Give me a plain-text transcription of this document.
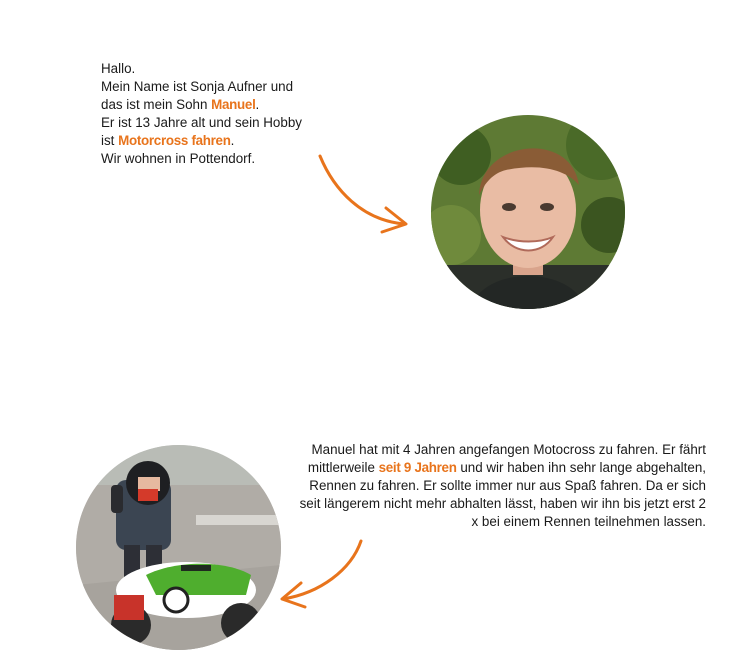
Hallo.

Mein Name ist Sonja Aufner und

das ist mein Sohn Manuel.

Er ist 13 Jahre alt und sein Hobby

ist Motorcross fahren.

Wir wohnen in Pottendorf.

Manuel hat mit 4 Jahren angefangen Motocross zu fahren. Er fährt mittlerweile seit 9 Jahren und wir haben ihn sehr lange abgehalten, Rennen zu fahren. Er sollte immer nur aus Spaß fahren. Da er sich seit längerem nicht mehr abhalten lässt, haben wir ihn bis jetzt erst 2 x bei einem Rennen teilnehmen lassen.
